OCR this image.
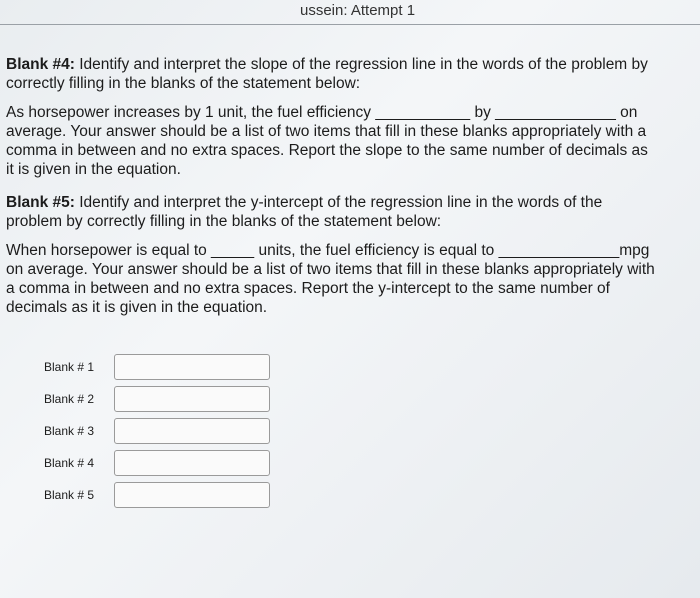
ussein: Attempt 1

Blank #4: Identify and interpret the slope of the regression line in the words of the problem by correctly filling in the blanks of the statement below:

As horsepower increases by 1 unit, the fuel efficiency ___________ by ______________ on average. Your answer should be a list of two items that fill in these blanks appropriately with a comma in between and no extra spaces. Report the slope to the same number of decimals as it is given in the equation.

Blank #5: Identify and interpret the y-intercept of the regression line in the words of the problem by correctly filling in the blanks of the statement below:

When horsepower is equal to _____ units, the fuel efficiency is equal to ______________mpg on average. Your answer should be a list of two items that fill in these blanks appropriately with a comma in between and no extra spaces. Report the y-intercept to the same number of decimals as it is given in the equation.

Blank # 1
Blank # 2
Blank # 3
Blank # 4
Blank # 5
